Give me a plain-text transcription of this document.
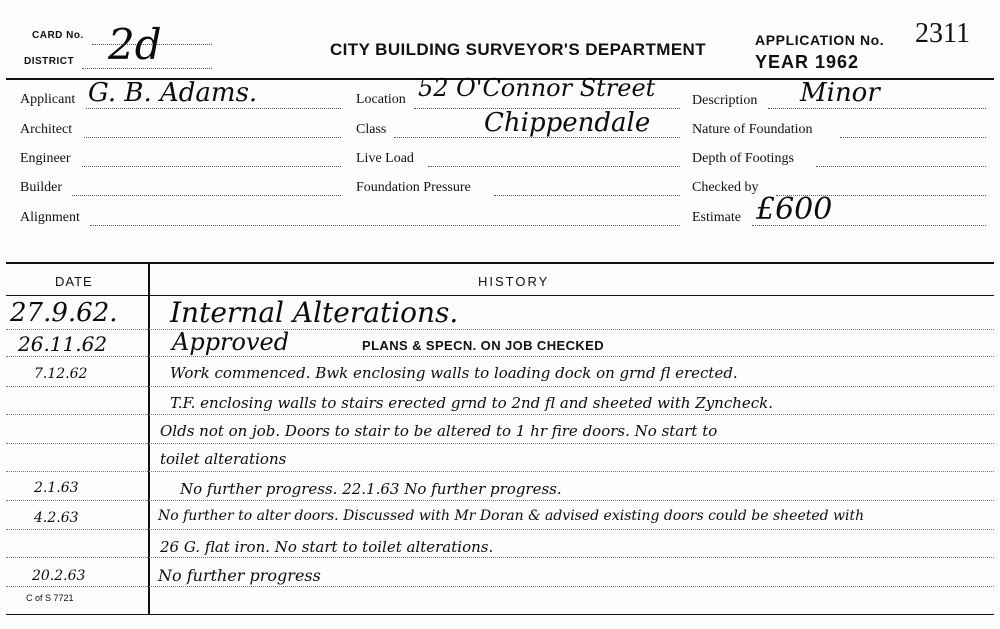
CARD No.
DISTRICT 2d	CITY BUILDING SURVEYOR'S DEPARTMENT	APPLICATION No. 2311
YEAR 1962
Applicant G. B. Adams.
Architect
Engineer
Builder
Alignment
Location 52 O'Connor Street
Class	Chippendale
Live Load
Foundation Pressure
Description Minor
Nature of Foundation
Depth of Footings
Checked by
Estimate £600
DATE	HISTORY
27.9.62. Internal Alterations.
26.11.62	Approved	PLANS & SPECN. ON JOB CHECKED
7.12.62	Work commenced. Bwk enclosing walls to loading dock on grnd fl erected.
T.F. enclosing walls to stairs erected grnd to 2nd fl and sheeted with Zyncheck.
Olds not on job. Doors to stair to be altered to 1 hr fire doors. No start to
toilet alterations
2.1.63	No further progress. 22.1.63 No further progress.
4.2.63	No further to alter doors. Discussed with Mr Doran & advised existing doors could be sheeted with
26 G. flat iron. No start to toilet alterations.
20.2.63	No further progress
C of S 7721
